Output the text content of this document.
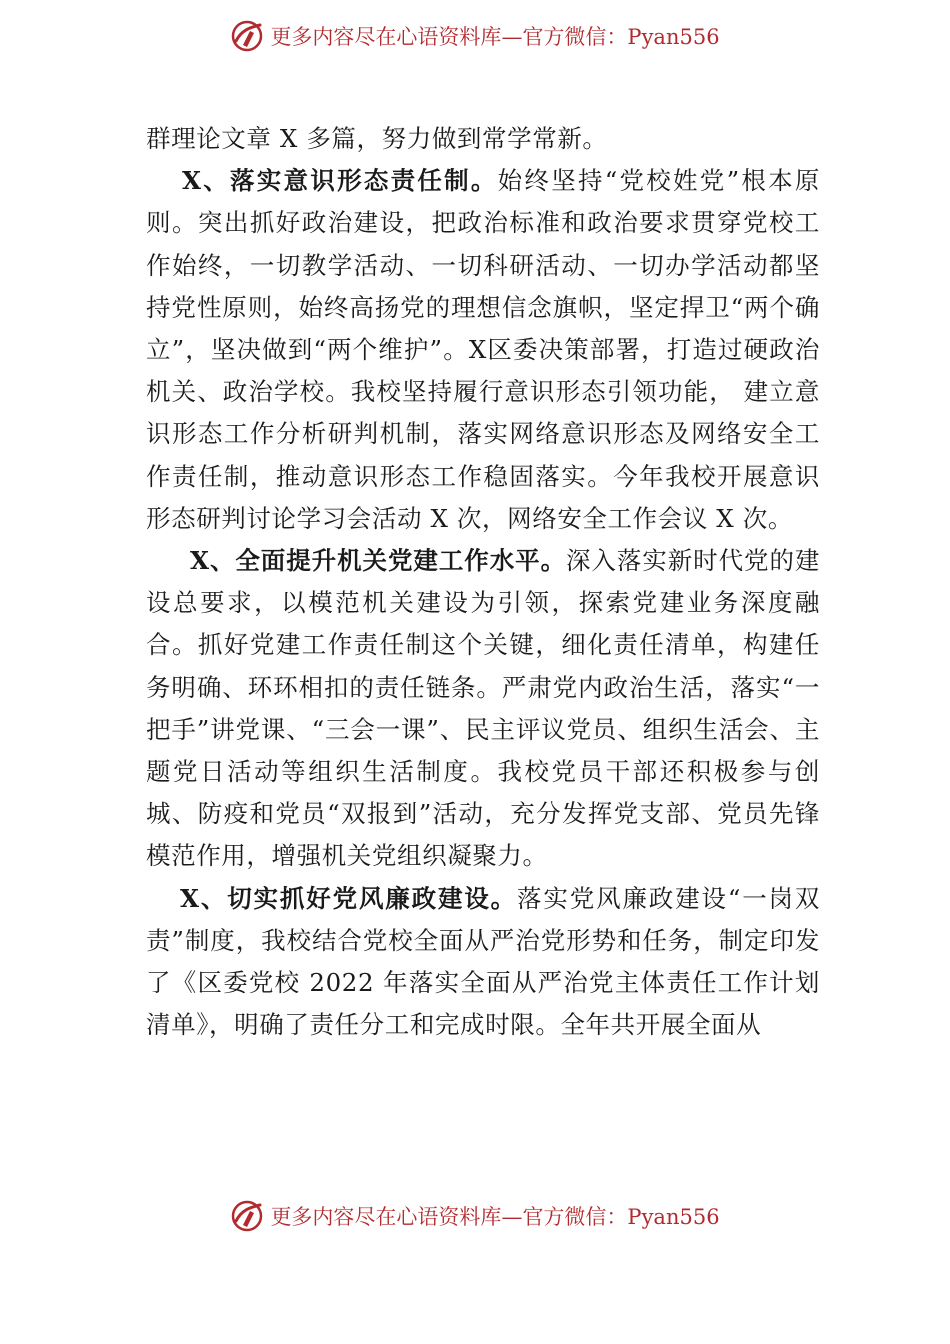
更多内容尽在心语资料库—官方微信：Pyan556

群理论文章 X 多篇，努力做到常学常新。

X、落实意识形态责任制。始终坚持“党校姓党”根本原则。突出抓好政治建设，把政治标准和政治要求贯穿党校工作始终，一切教学活动、一切科研活动、一切办学活动都坚持党性原则，始终高扬党的理想信念旗帜，坚定捍卫“两个确立”，坚决做到“两个维护”。X区委决策部署，打造过硬政治机关、政治学校。我校坚持履行意识形态引领功能， 建立意识形态工作分析研判机制，落实网络意识形态及网络安全工作责任制，推动意识形态工作稳固落实。今年我校开展意识形态研判讨论学习会活动 X 次，网络安全工作会议 X 次。

X、全面提升机关党建工作水平。深入落实新时代党的建设总要求，以模范机关建设为引领，探索党建业务深度融合。抓好党建工作责任制这个关键，细化责任清单，构建任务明确、环环相扣的责任链条。严肃党内政治生活，落实“一把手”讲党课、“三会一课”、民主评议党员、组织生活会、主题党日活动等组织生活制度。我校党员干部还积极参与创城、防疫和党员“双报到”活动，充分发挥党支部、党员先锋模范作用，增强机关党组织凝聚力。

X、切实抓好党风廉政建设。落实党风廉政建设“一岗双责”制度，我校结合党校全面从严治党形势和任务，制定印发了《区委党校 2022 年落实全面从严治党主体责任工作计划清单》，明确了责任分工和完成时限。全年共开展全面从

更多内容尽在心语资料库—官方微信：Pyan556
